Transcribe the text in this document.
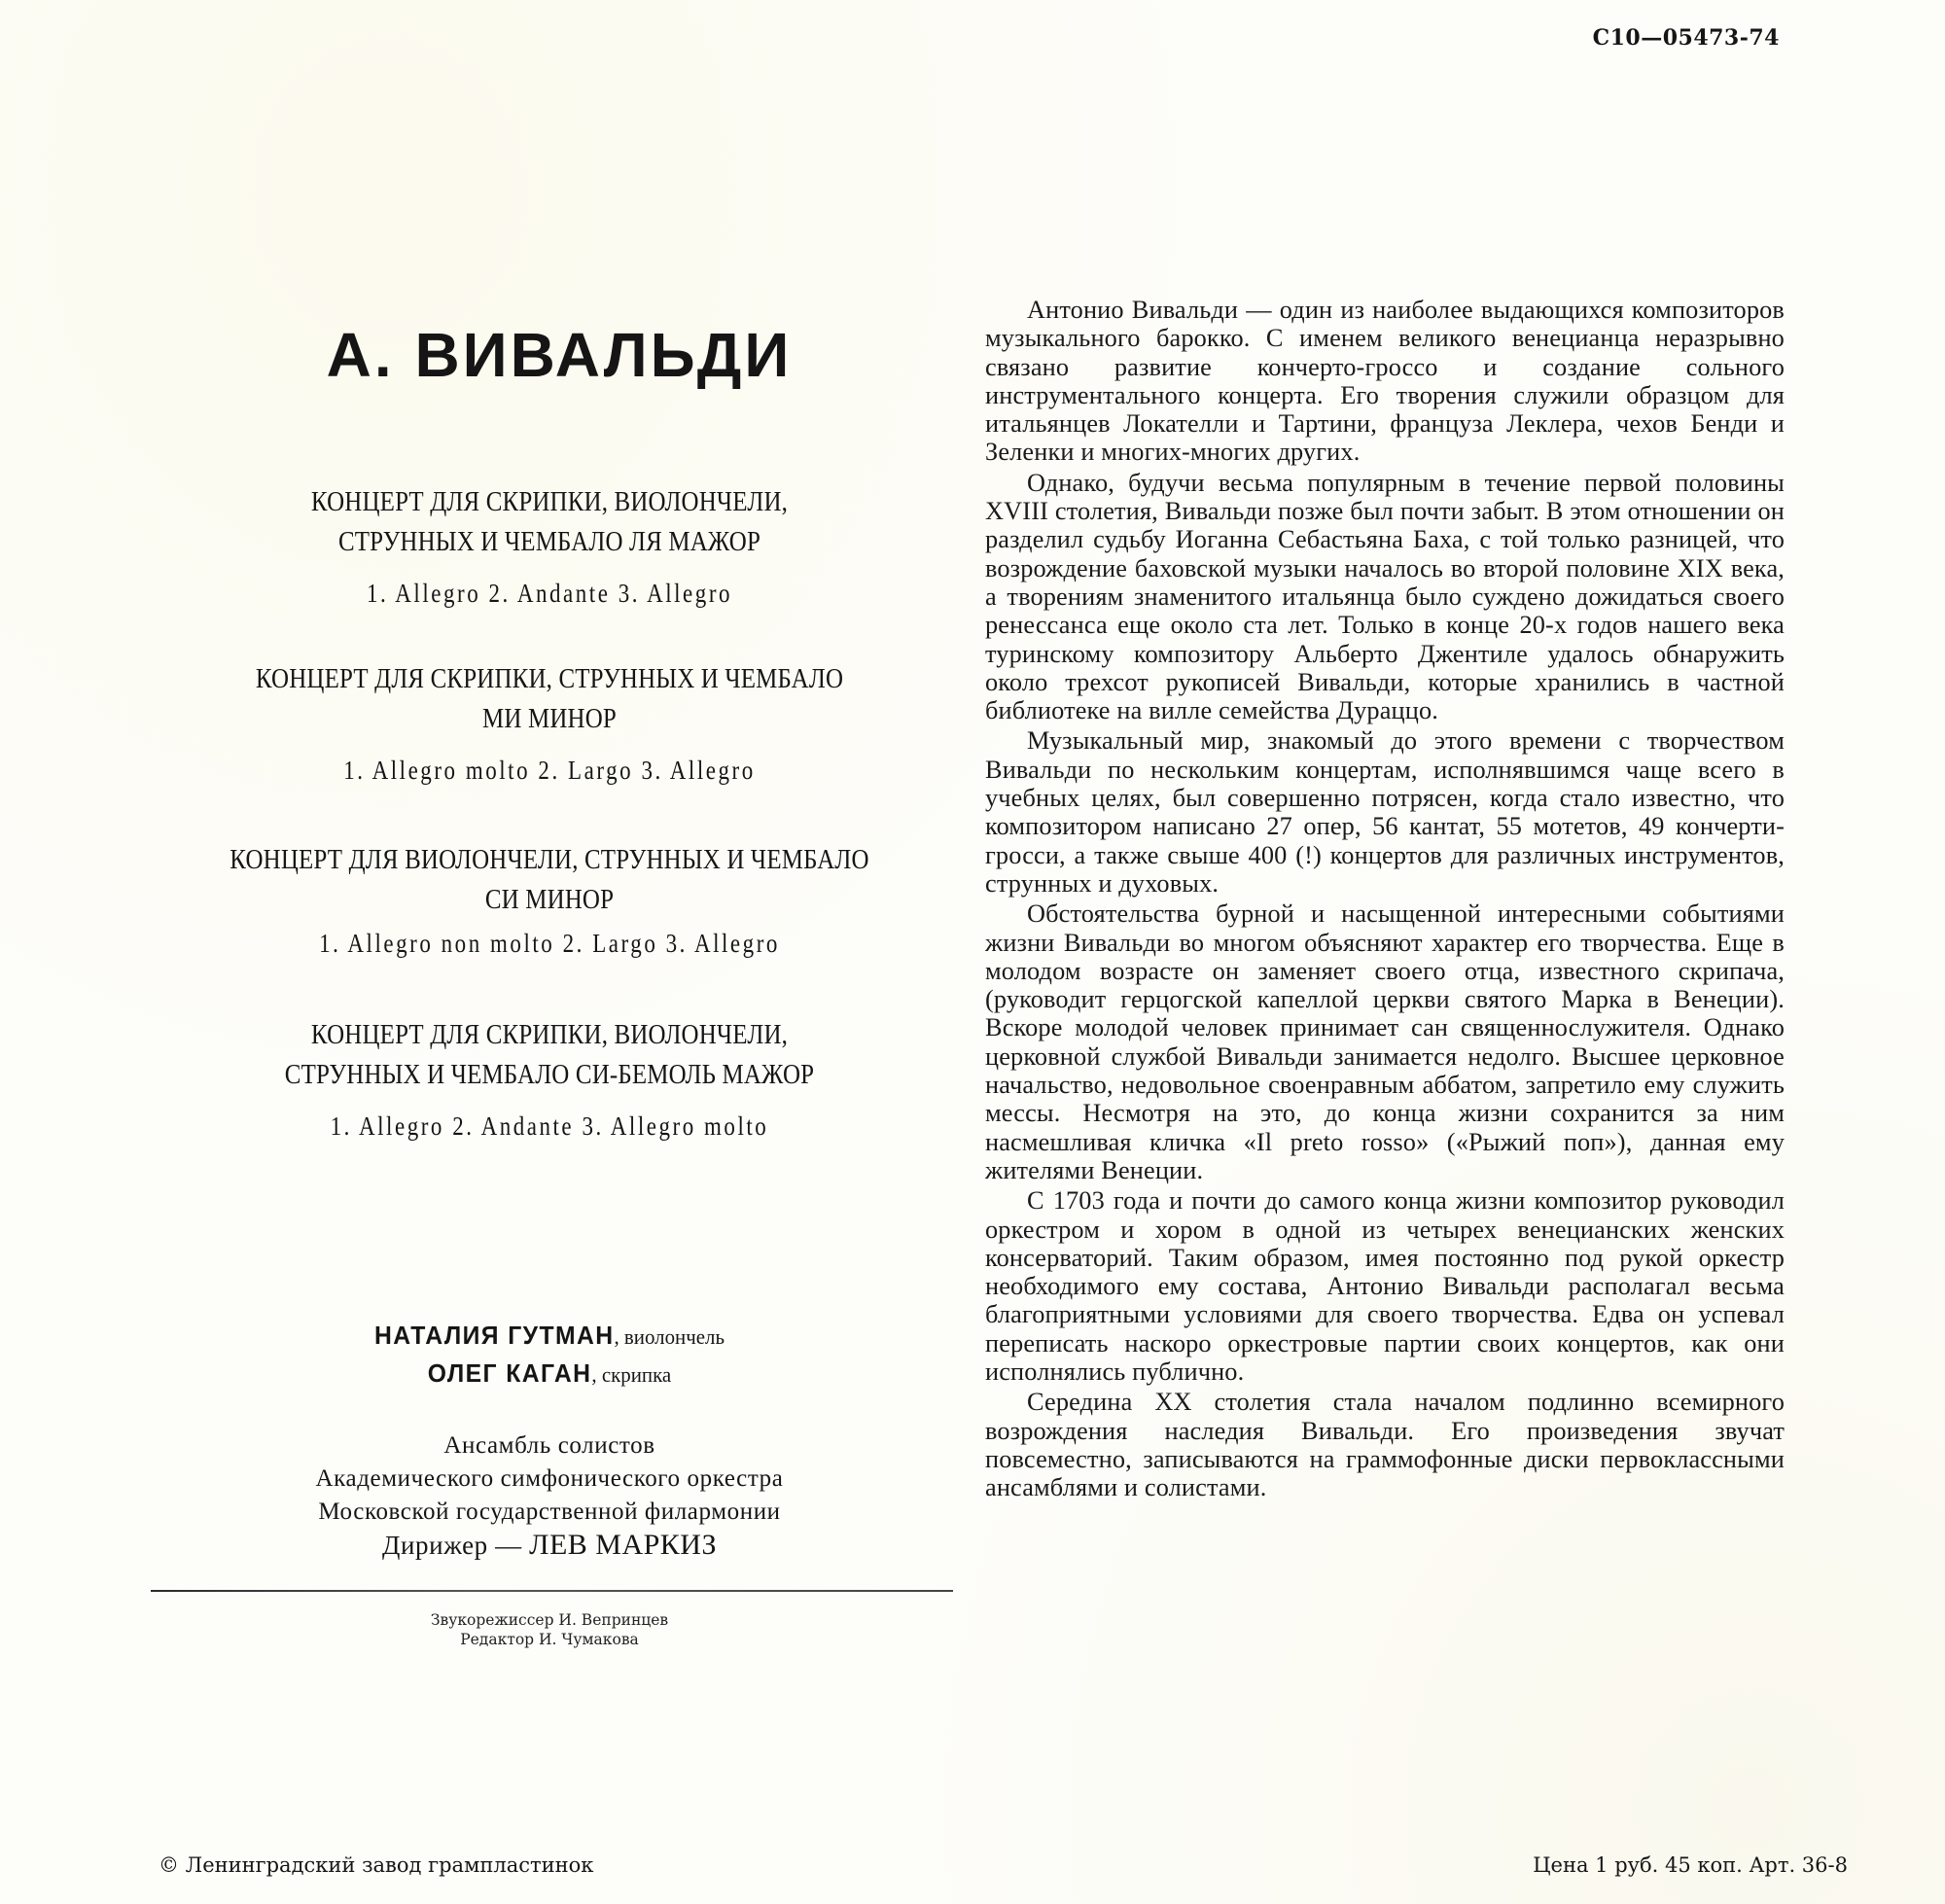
С10—05473-74
А. ВИВАЛЬДИ
КОНЦЕРТ ДЛЯ СКРИПКИ, ВИОЛОНЧЕЛИ,
СТРУННЫХ И ЧЕМБАЛО ЛЯ МАЖОР
1. Allegro 2. Andante 3. Allegro
КОНЦЕРТ ДЛЯ СКРИПКИ, СТРУННЫХ И ЧЕМБАЛО
МИ МИНОР
1. Allegro molto 2. Largo 3. Allegro
КОНЦЕРТ ДЛЯ ВИОЛОНЧЕЛИ, СТРУННЫХ И ЧЕМБАЛО
СИ МИНОР
1. Allegro non molto 2. Largo 3. Allegro
КОНЦЕРТ ДЛЯ СКРИПКИ, ВИОЛОНЧЕЛИ,
СТРУННЫХ И ЧЕМБАЛО СИ-БЕМОЛЬ МАЖОР
1. Allegro 2. Andante 3. Allegro molto
НАТАЛИЯ ГУТМАН, виолончель
ОЛЕГ КАГАН, скрипка
Ансамбль солистов
Академического симфонического оркестра
Московской государственной филармонии
Дирижер — ЛЕВ МАРКИЗ
Звукорежиссер И. Вепринцев
Редактор И. Чумакова

Антонио Вивальди — один из наиболее выдающихся композиторов музыкального барокко. С именем великого венецианца неразрывно связано развитие кончерто-гроссо и создание сольного инструментального концерта. Его творения служили образцом для итальянцев Локателли и Тартини, француза Леклера, чехов Бенди и Зеленки и многих-многих других.

Однако, будучи весьма популярным в течение первой половины XVIII столетия, Вивальди позже был почти забыт. В этом отношении он разделил судьбу Иоганна Себастьяна Баха, с той только разницей, что возрождение баховской музыки началось во второй половине XIX века, а творениям знаменитого итальянца было суждено дожидаться своего ренессанса еще около ста лет. Только в конце 20-х годов нашего века туринскому композитору Альберто Джентиле удалось обнаружить около трехсот рукописей Вивальди, которые хранились в частной библиотеке на вилле семейства Дураццо.

Музыкальный мир, знакомый до этого времени с творчеством Вивальди по нескольким концертам, исполнявшимся чаще всего в учебных целях, был совершенно потрясен, когда стало известно, что композитором написано 27 опер, 56 кантат, 55 мотетов, 49 кончерти-гросси, а также свыше 400 (!) концертов для различных инструментов, струнных и духовых.

Обстоятельства бурной и насыщенной интересными событиями жизни Вивальди во многом объясняют характер его творчества. Еще в молодом возрасте он заменяет своего отца, известного скрипача, (руководит герцогской капеллой церкви святого Марка в Венеции). Вскоре молодой человек принимает сан священнослужителя. Однако церковной службой Вивальди занимается недолго. Высшее церковное начальство, недовольное своенравным аббатом, запретило ему служить мессы. Несмотря на это, до конца жизни сохранится за ним насмешливая кличка «Il preto rosso» («Рыжий поп»), данная ему жителями Венеции.

С 1703 года и почти до самого конца жизни композитор руководил оркестром и хором в одной из четырех венецианских женских консерваторий. Таким образом, имея постоянно под рукой оркестр необходимого ему состава, Антонио Вивальди располагал весьма благоприятными условиями для своего творчества. Едва он успевал переписать наскоро оркестровые партии своих концертов, как они исполнялись публично.

Середина XX столетия стала началом подлинно всемирного возрождения наследия Вивальди. Его произведения звучат повсеместно, записываются на граммофонные диски первоклассными ансамблями и солистами.

© Ленинградский завод грампластинок	Цена 1 руб. 45 коп. Арт. 36-8
